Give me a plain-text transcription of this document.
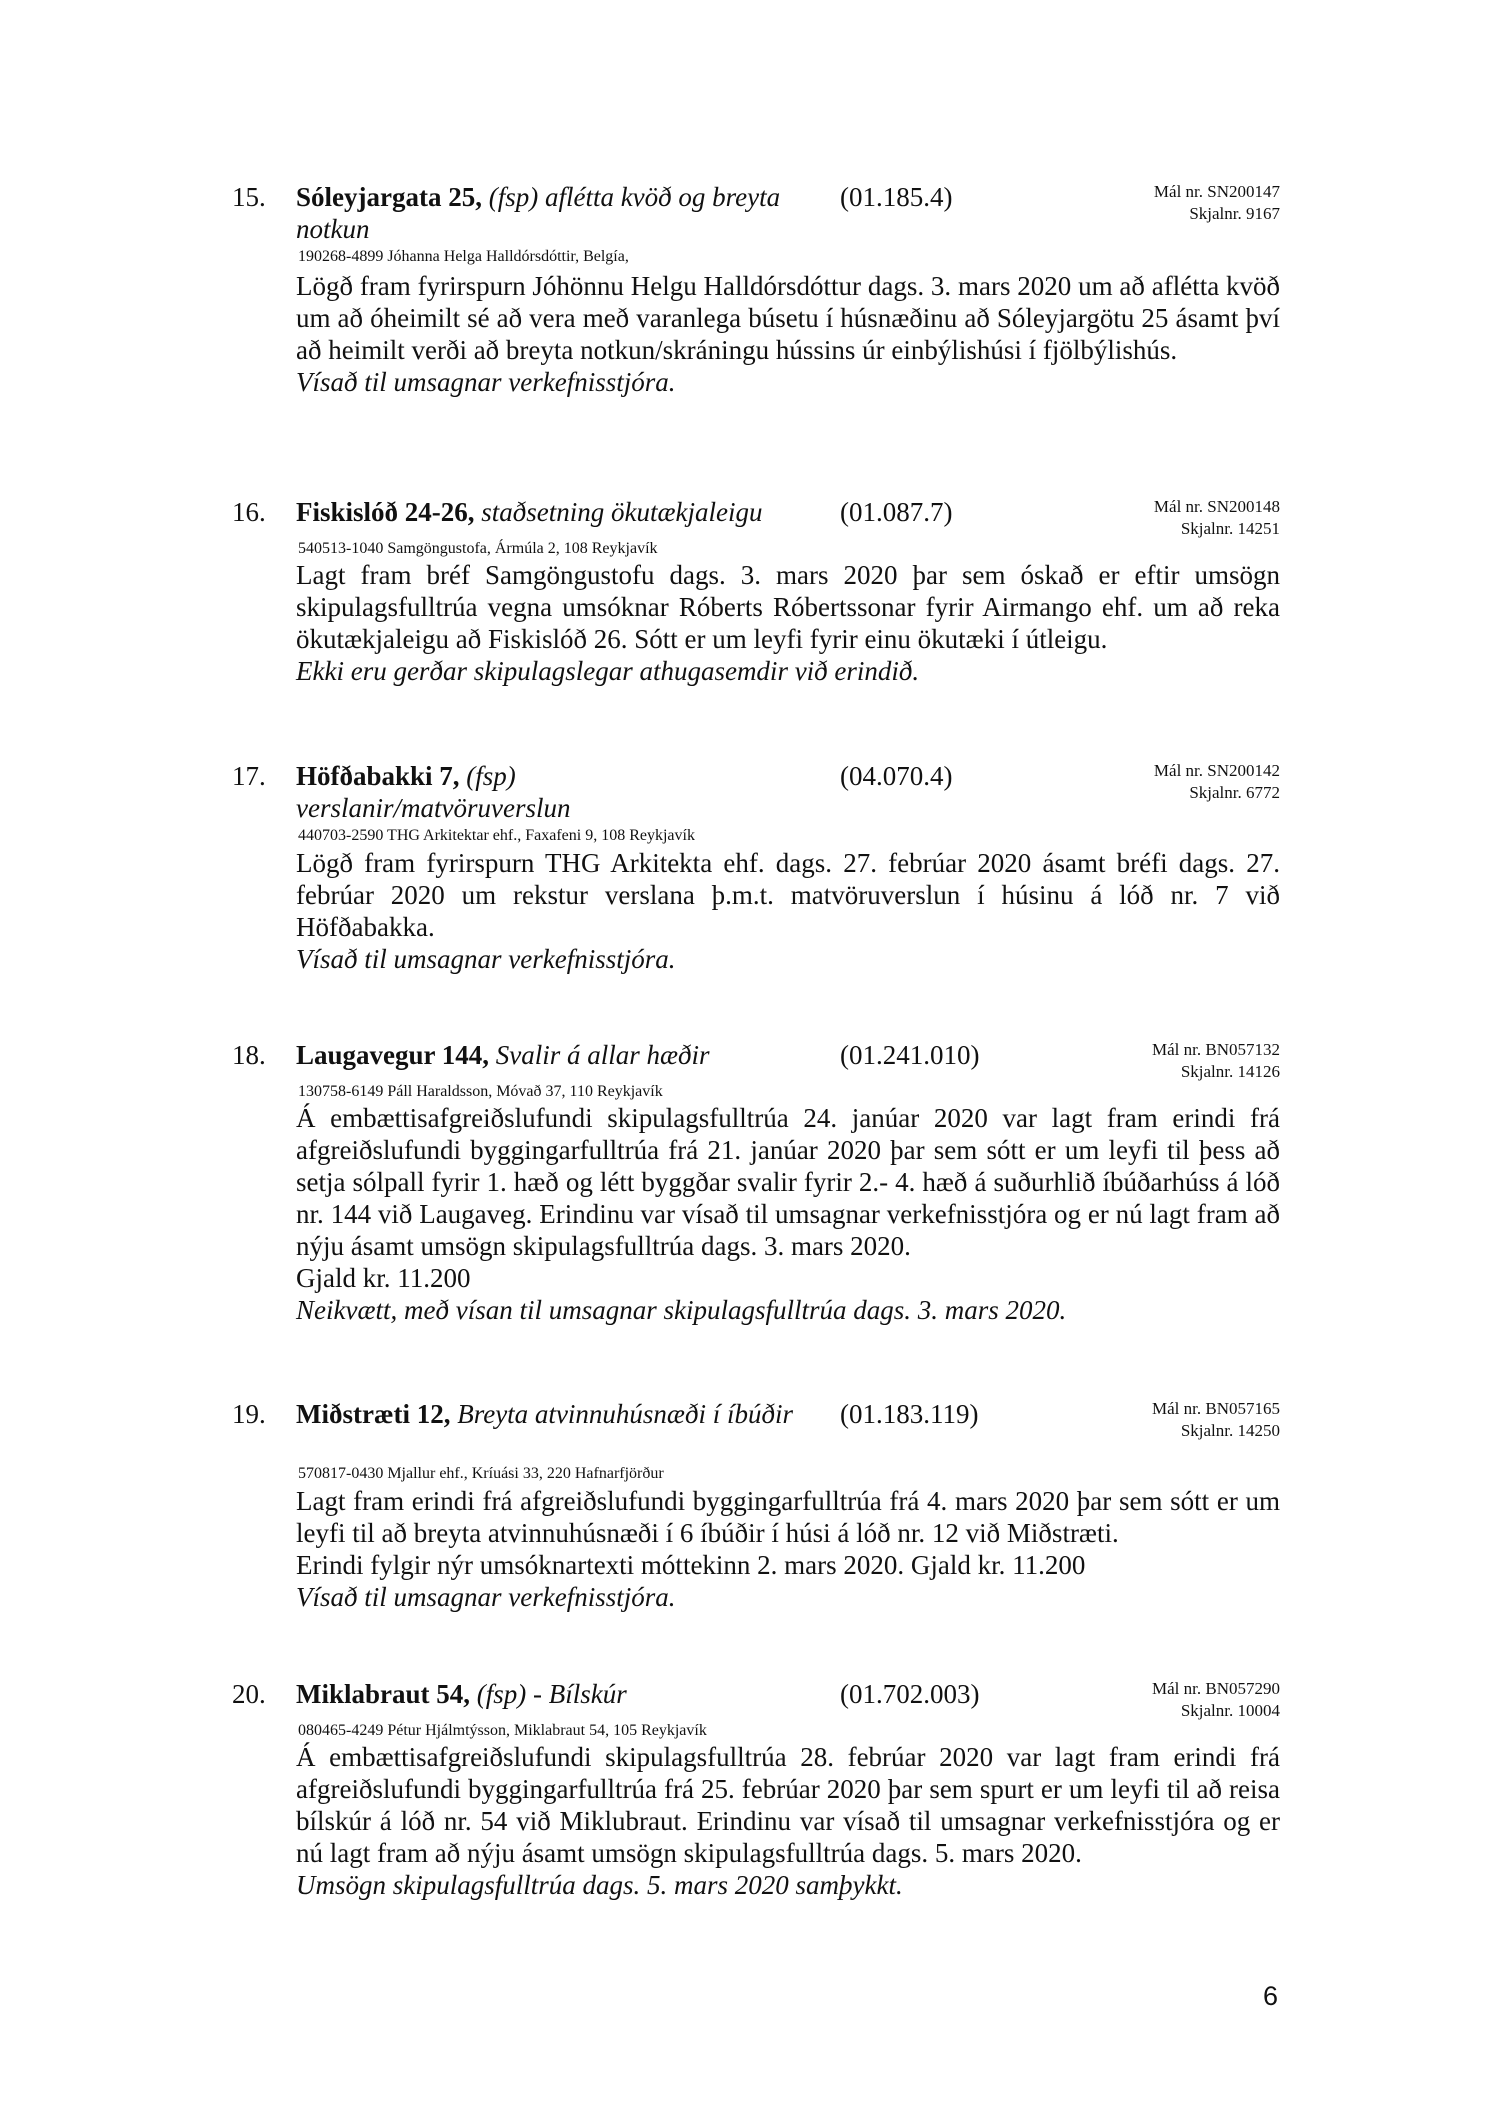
15. Sóleyjargata 25, (fsp) aflétta kvöð og breyta notkun
(01.185.4)	Mál nr. SN200147
Skjalnr. 9167
190268-4899 Jóhanna Helga Halldórsdóttir, Belgía,
Lögð fram fyrirspurn Jóhönnu Helgu Halldórsdóttur dags. 3. mars 2020 um að aflétta kvöð um að óheimilt sé að vera með varanlega búsetu í húsnæðinu að Sóleyjargötu 25 ásamt því að heimilt verði að breyta notkun/skráningu hússins úr einbýlishúsi í fjölbýlishús.
Vísað til umsagnar verkefnisstjóra.
16. Fiskislóð 24-26, staðsetning ökutækjaleigu	(01.087.7)	Mál nr. SN200148
Skjalnr. 14251
540513-1040 Samgöngustofa, Ármúla 2, 108 Reykjavík
Lagt fram bréf Samgöngustofu dags. 3. mars 2020 þar sem óskað er eftir umsögn skipulagsfulltrúa vegna umsóknar Róberts Róbertssonar fyrir Airmango ehf. um að reka ökutækjaleigu að Fiskislóð 26. Sótt er um leyfi fyrir einu ökutæki í útleigu.
Ekki eru gerðar skipulagslegar athugasemdir við erindið.
17. Höfðabakki 7, (fsp) verslanir/matvöruverslun
(04.070.4)	Mál nr. SN200142
Skjalnr. 6772
440703-2590 THG Arkitektar ehf., Faxafeni 9, 108 Reykjavík
Lögð fram fyrirspurn THG Arkitekta ehf. dags. 27. febrúar 2020 ásamt bréfi dags. 27. febrúar 2020 um rekstur verslana þ.m.t. matvöruverslun í húsinu á lóð nr. 7 við Höfðabakka.
Vísað til umsagnar verkefnisstjóra.
18. Laugavegur 144, Svalir á allar hæðir	(01.241.010)	Mál nr. BN057132
Skjalnr. 14126
130758-6149 Páll Haraldsson, Móvað 37, 110 Reykjavík
Á embættisafgreiðslufundi skipulagsfulltrúa 24. janúar 2020 var lagt fram erindi frá afgreiðslufundi byggingarfulltrúa frá 21. janúar 2020 þar sem sótt er um leyfi til þess að setja sólpall fyrir 1. hæð og létt byggðar svalir fyrir 2.- 4. hæð á suðurhlið íbúðarhúss á lóð nr. 144 við Laugaveg. Erindinu var vísað til umsagnar verkefnisstjóra og er nú lagt fram að nýju ásamt umsögn skipulagsfulltrúa dags. 3. mars 2020.
Gjald kr. 11.200
Neikvætt, með vísan til umsagnar skipulagsfulltrúa dags. 3. mars 2020.
19. Miðstræti 12, Breyta atvinnuhúsnæði í íbúðir	(01.183.119)	Mál nr. BN057165
Skjalnr. 14250
570817-0430 Mjallur ehf., Kríuási 33, 220 Hafnarfjörður
Lagt fram erindi frá afgreiðslufundi byggingarfulltrúa frá 4. mars 2020 þar sem sótt er um leyfi til að breyta atvinnuhúsnæði í 6 íbúðir í húsi á lóð nr. 12 við Miðstræti.
Erindi fylgir nýr umsóknartexti móttekinn 2. mars 2020. Gjald kr. 11.200
Vísað til umsagnar verkefnisstjóra.
20. Miklabraut 54, (fsp) - Bílskúr	(01.702.003)	Mál nr. BN057290
Skjalnr. 10004
080465-4249 Pétur Hjálmtýsson, Miklabraut 54, 105 Reykjavík
Á embættisafgreiðslufundi skipulagsfulltrúa 28. febrúar 2020 var lagt fram erindi frá afgreiðslufundi byggingarfulltrúa frá 25. febrúar 2020 þar sem spurt er um leyfi til að reisa bílskúr á lóð nr. 54 við Miklubraut. Erindinu var vísað til umsagnar verkefnisstjóra og er nú lagt fram að nýju ásamt umsögn skipulagsfulltrúa dags. 5. mars 2020.
Umsögn skipulagsfulltrúa dags. 5. mars 2020 samþykkt.
6
